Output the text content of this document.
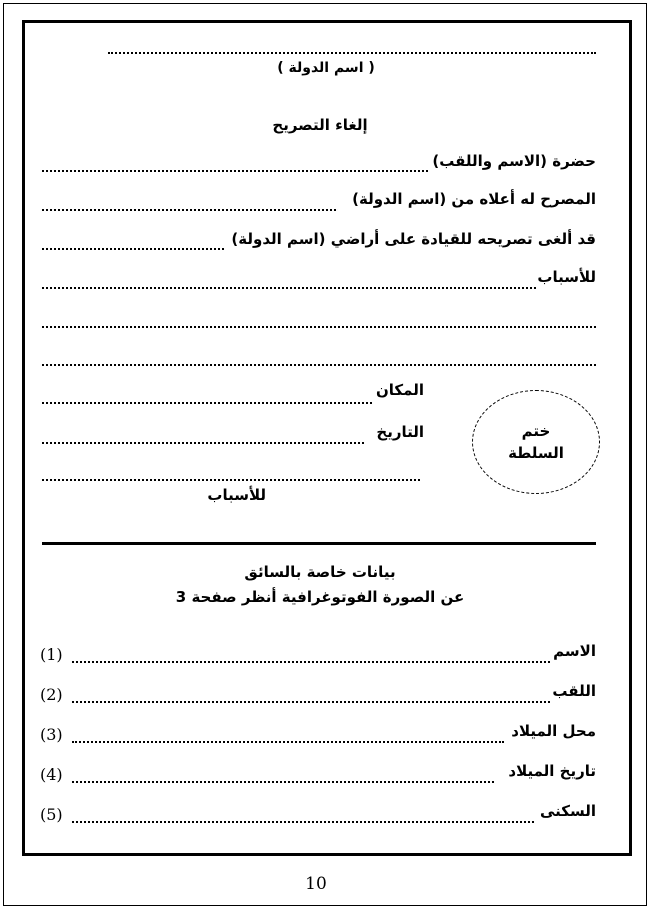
( اسم الدولة )
إلغاء التصريح
حضرة (الاسم واللقب)
المصرح له أعلاه من (اسم الدولة)
قد ألغى تصريحه للقيادة على أراضي (اسم الدولة)
للأسباب
المكان
التاريخ
للأسباب
ختم
السلطة
بيانات خاصة بالسائق
عن الصورة الفوتوغرافية أنظر صفحة 3
الاسم
(1)
اللقب
(2)
محل الميلاد
(3)
تاريخ الميلاد
(4)
السكنى
(5)
10
